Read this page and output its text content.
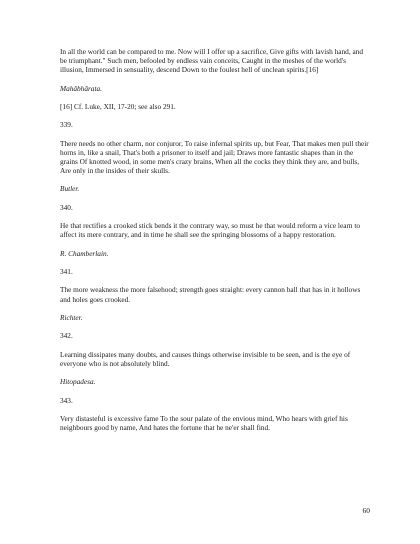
In all the world can be compared to me. Now will I offer up a sacrifice, Give gifts with lavish hand, and be triumphant." Such men, befooled by endless vain conceits, Caught in the meshes of the world's illusion, Immersed in sensuality, descend Down to the foulest hell of unclean spirits.[16]

Mahâbhârata.

[16] Cf. Luke, XII, 17-20; see also 291.

339.

There needs no other charm, nor conjuror, To raise infernal spirits up, but Fear, That makes men pull their horns in, like a snail, That's both a prisoner to itself and jail; Draws more fantastic shapes than in the grains Of knotted wood, in some men's crazy brains, When all the cocks they think they are, and bulls, Are only in the insides of their skulls.

Butler.

340.

He that rectifies a crooked stick bends it the contrary way, so must he that would reform a vice learn to affect its mere contrary, and in time he shall see the springing blossoms of a happy restoration.

R. Chamberlain.

341.

The more weakness the more falsehood; strength goes straight: every cannon ball that has in it hollows and holes goes crooked.

Richter.

342.

Learning dissipates many doubts, and causes things otherwise invisible to be seen, and is the eye of everyone who is not absolutely blind.

Hitopadesa.

343.

Very distasteful is excessive fame To the sour palate of the envious mind, Who hears with grief his neighbours good by name, And hates the fortune that he ne'er shall find.

60
